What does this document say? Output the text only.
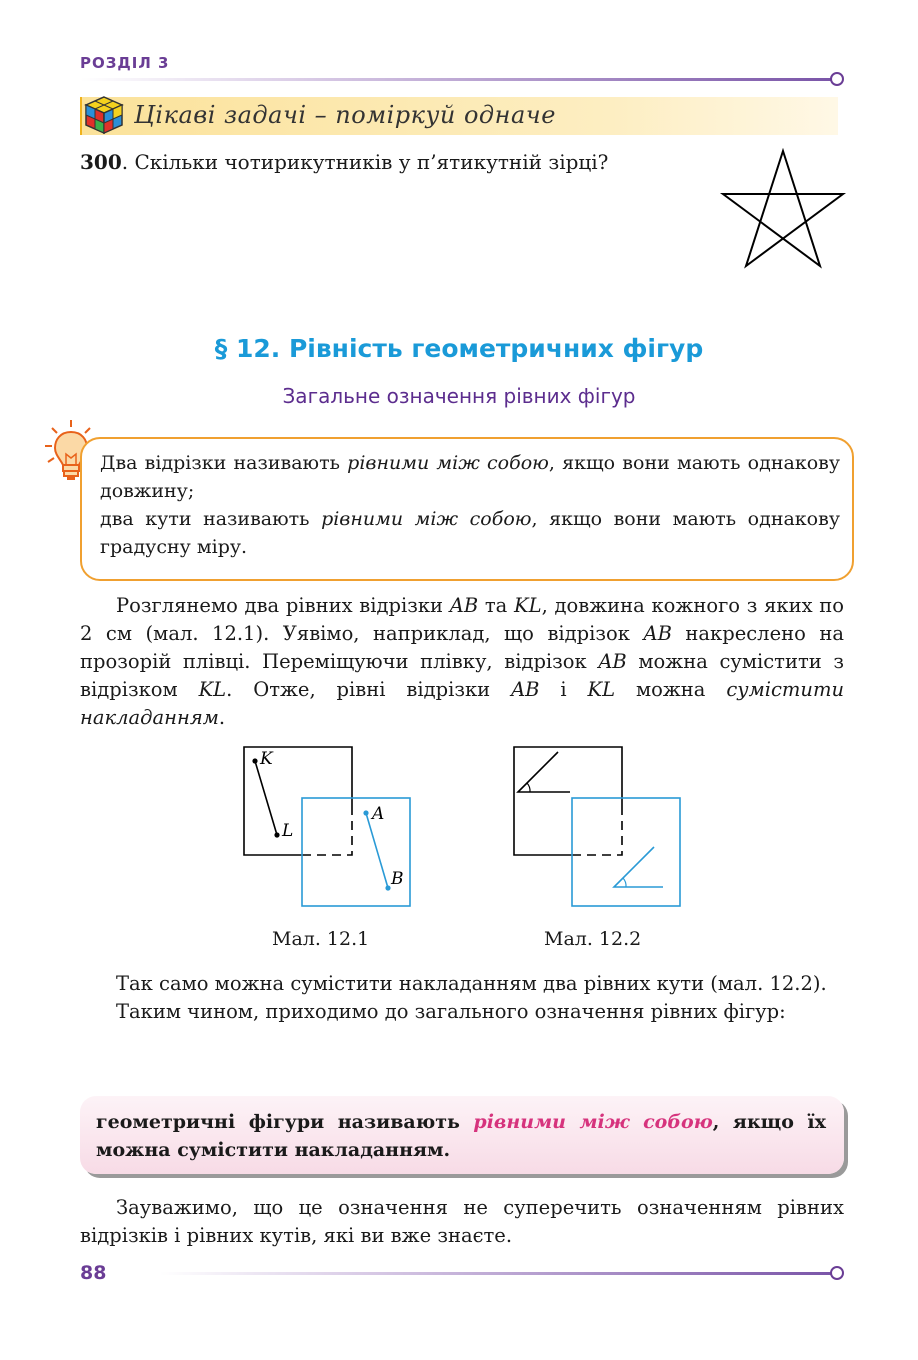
РОЗДІЛ 3
Цікаві задачі – поміркуй одначе
300. Скільки чотирикутників у п’ятикутній зірці?
§ 12. Рівність геометричних фігур
Загальне означення рівних фігур

Два відрізки називають рівними між собою, якщо вони мають однакову довжину;

два кути називають рівними між собою, якщо вони мають однакову градусну міру.

Розглянемо два рівних відрізки AB та KL, довжина кожного з яких по 2 см (мал. 12.1). Уявімо, наприклад, що відрізок AB накреслено на прозорій плівці. Переміщуючи плівку, відрізок AB можна сумістити з відрізком KL. Отже, рівні відрізки AB і KL можна сумістити накладанням.

K
L
A
B
Мал. 12.1	Мал. 12.2

Так само можна сумістити накладанням два рівних кути (мал. 12.2).

Таким чином, приходимо до загального означення рівних фігур:

геометричні фігури називають рівними між собою, якщо їх можна сумістити накладанням.

Зауважимо, що це означення не суперечить означенням рівних відрізків і рівних кутів, які ви вже знаєте.

88
